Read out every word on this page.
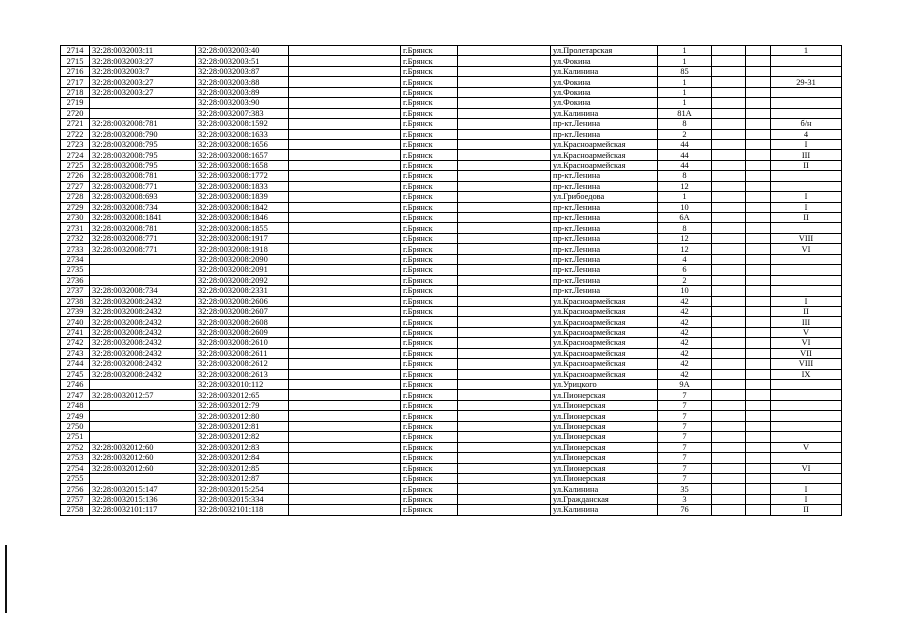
2714	32:28:0032003:11	32:28:0032003:40		г.Брянск		ул.Пролетарская	1			1
2715	32:28:0032003:27	32:28:0032003:51		г.Брянск		ул.Фокина	1			
2716	32:28:0032003:7	32:28:0032003:87		г.Брянск		ул.Калинина	85			
2717	32:28:0032003:27	32:28:0032003:88		г.Брянск		ул.Фокина	1			29-31
2718	32:28:0032003:27	32:28:0032003:89		г.Брянск		ул.Фокина	1			
2719		32:28:0032003:90		г.Брянск		ул.Фокина	1			
2720		32:28:0032007:383		г.Брянск		ул.Калинина	81А			
2721	32:28:0032008:781	32:28:0032008:1592		г.Брянск		пр-кт.Ленина	8			б/н
2722	32:28:0032008:790	32:28:0032008:1633		г.Брянск		пр-кт.Ленина	2			4
2723	32:28:0032008:795	32:28:0032008:1656		г.Брянск		ул.Красноармейская	44			I
2724	32:28:0032008:795	32:28:0032008:1657		г.Брянск		ул.Красноармейская	44			III
2725	32:28:0032008:795	32:28:0032008:1658		г.Брянск		ул.Красноармейская	44			II
2726	32:28:0032008:781	32:28:0032008:1772		г.Брянск		пр-кт.Ленина	8			
2727	32:28:0032008:771	32:28:0032008:1833		г.Брянск		пр-кт.Ленина	12			
2728	32:28:0032008:693	32:28:0032008:1839		г.Брянск		ул.Грибоедова	1			I
2729	32:28:0032008:734	32:28:0032008:1842		г.Брянск		пр-кт.Ленина	10			I
2730	32:28:0032008:1841	32:28:0032008:1846		г.Брянск		пр-кт.Ленина	6А			II
2731	32:28:0032008:781	32:28:0032008:1855		г.Брянск		пр-кт.Ленина	8			
2732	32:28:0032008:771	32:28:0032008:1917		г.Брянск		пр-кт.Ленина	12			VIII
2733	32:28:0032008:771	32:28:0032008:1918		г.Брянск		пр-кт.Ленина	12			VI
2734		32:28:0032008:2090		г.Брянск		пр-кт.Ленина	4			
2735		32:28:0032008:2091		г.Брянск		пр-кт.Ленина	6			
2736		32:28:0032008:2092		г.Брянск		пр-кт.Ленина	2			
2737	32:28:0032008:734	32:28:0032008:2331		г.Брянск		пр-кт.Ленина	10			
2738	32:28:0032008:2432	32:28:0032008:2606		г.Брянск		ул.Красноармейская	42			I
2739	32:28:0032008:2432	32:28:0032008:2607		г.Брянск		ул.Красноармейская	42			II
2740	32:28:0032008:2432	32:28:0032008:2608		г.Брянск		ул.Красноармейская	42			III
2741	32:28:0032008:2432	32:28:0032008:2609		г.Брянск		ул.Красноармейская	42			V
2742	32:28:0032008:2432	32:28:0032008:2610		г.Брянск		ул.Красноармейская	42			VI
2743	32:28:0032008:2432	32:28:0032008:2611		г.Брянск		ул.Красноармейская	42			VII
2744	32:28:0032008:2432	32:28:0032008:2612		г.Брянск		ул.Красноармейская	42			VIII
2745	32:28:0032008:2432	32:28:0032008:2613		г.Брянск		ул.Красноармейская	42			IX
2746		32:28:0032010:112		г.Брянск		ул.Урицкого	9А			
2747	32:28:0032012:57	32:28:0032012:65		г.Брянск		ул.Пионерская	7			
2748		32:28:0032012:79		г.Брянск		ул.Пионерская	7			
2749		32:28:0032012:80		г.Брянск		ул.Пионерская	7			
2750		32:28:0032012:81		г.Брянск		ул.Пионерская	7			
2751		32:28:0032012:82		г.Брянск		ул.Пионерская	7			
2752	32:28:0032012:60	32:28:0032012:83		г.Брянск		ул.Пионерская	7			V
2753	32:28:0032012:60	32:28:0032012:84		г.Брянск		ул.Пионерская	7			
2754	32:28:0032012:60	32:28:0032012:85		г.Брянск		ул.Пионерская	7			VI
2755		32:28:0032012:87		г.Брянск		ул.Пионерская	7			
2756	32:28:0032015:147	32:28:0032015:254		г.Брянск		ул.Калинина	35			I
2757	32:28:0032015:136	32:28:0032015:334		г.Брянск		ул.Гражданская	3			I
2758	32:28:0032101:117	32:28:0032101:118		г.Брянск		ул.Калинина	76			II
